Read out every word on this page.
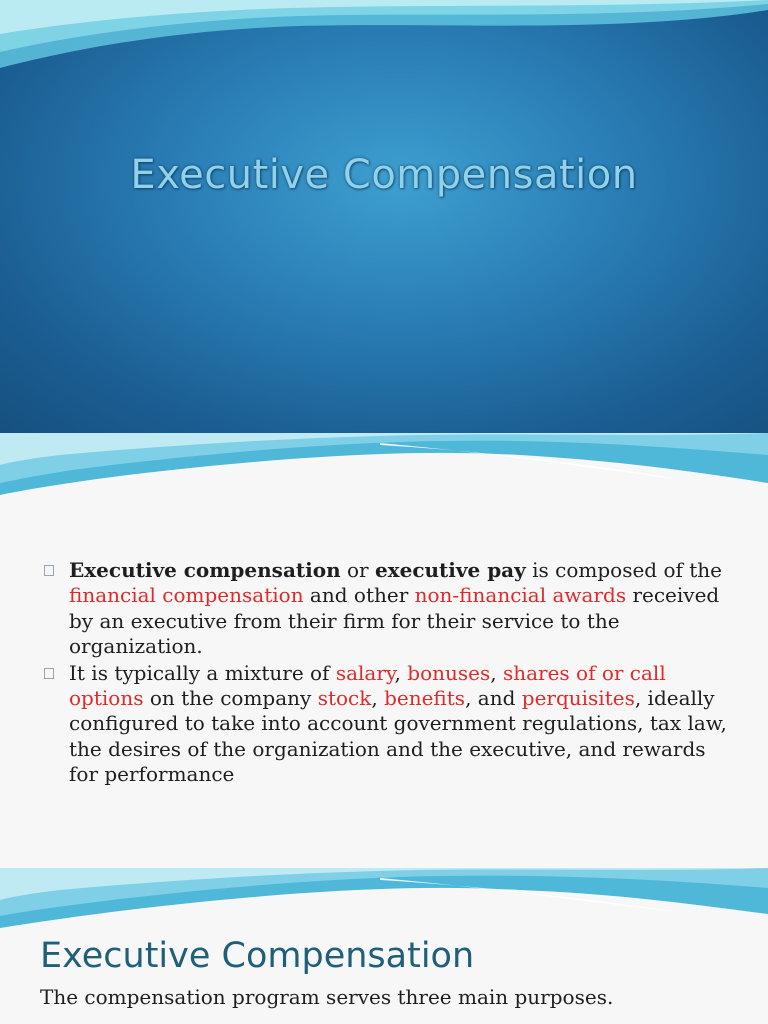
Executive Compensation
Executive compensation or executive pay is composed of the financial compensation and other non-financial awards received by an executive from their firm for their service to the organization.
It is typically a mixture of salary, bonuses, shares of or call options on the company stock, benefits, and perquisites, ideally configured to take into account government regulations, tax law, the desires of the organization and the executive, and rewards for performance
Executive Compensation
The compensation program serves three main purposes.
